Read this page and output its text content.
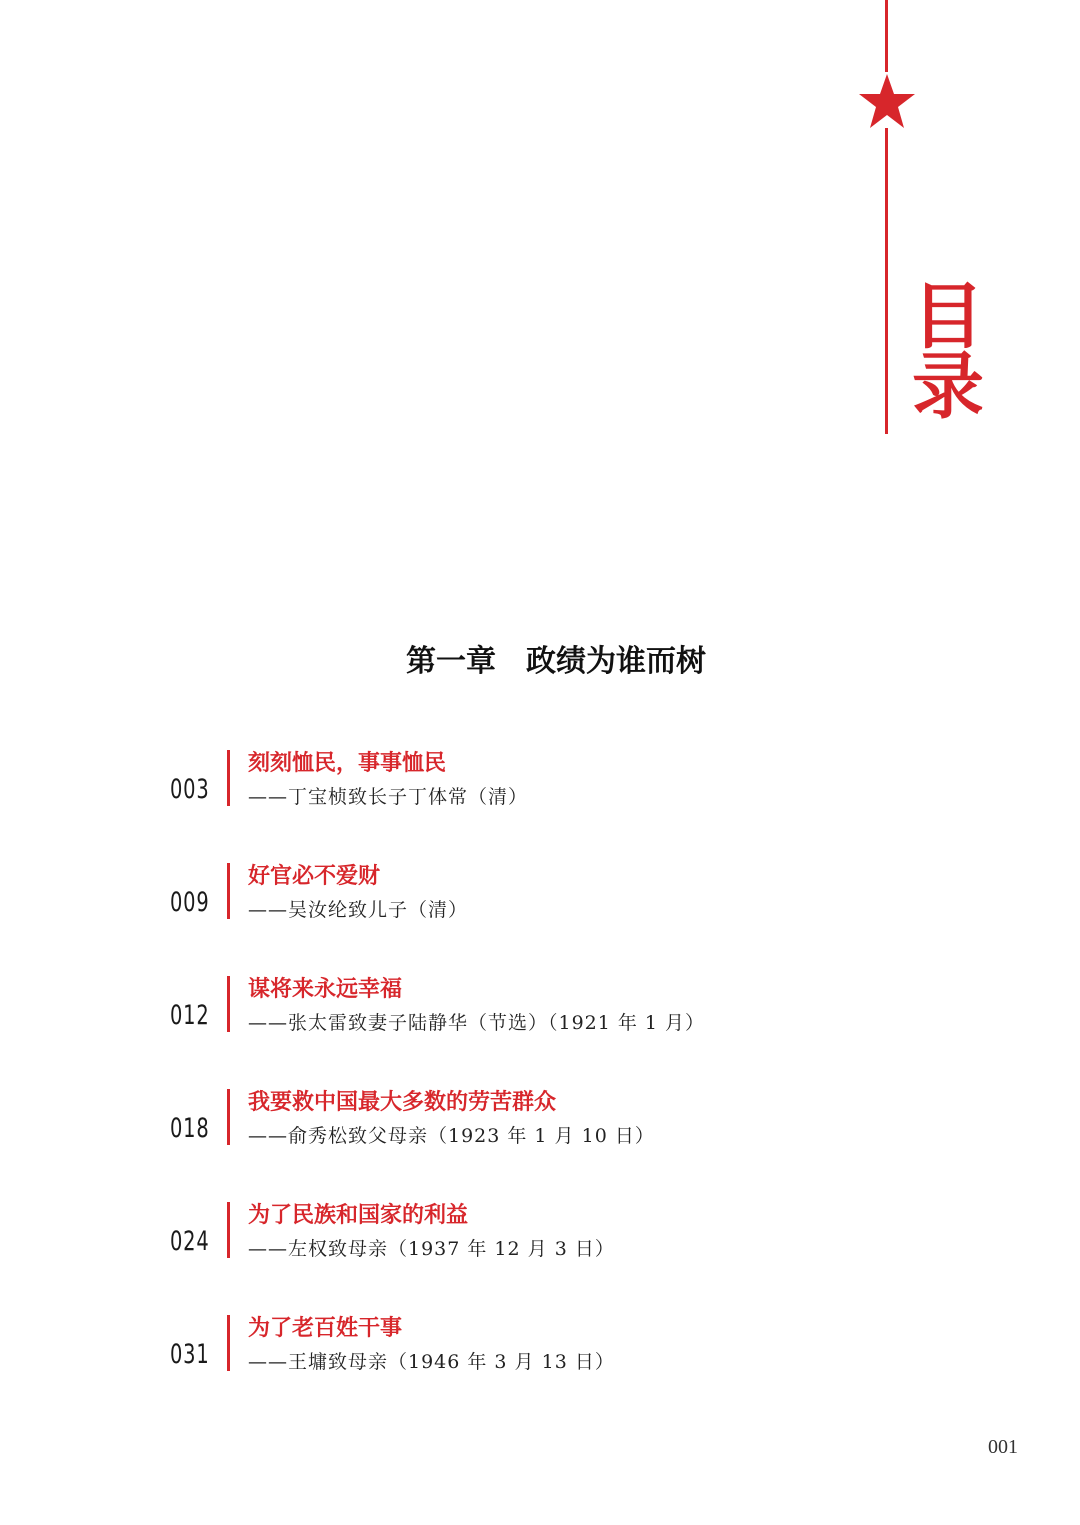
目录
第一章　政绩为谁而树
003
刻刻恤民，事事恤民
——丁宝桢致长子丁体常（清）
009
好官必不爱财
——吴汝纶致儿子（清）
012
谋将来永远幸福
——张太雷致妻子陆静华（节选）（1921 年 1 月）
018
我要救中国最大多数的劳苦群众
——俞秀松致父母亲（1923 年 1 月 10 日）
024
为了民族和国家的利益
——左权致母亲（1937 年 12 月 3 日）
031
为了老百姓干事
——王墉致母亲（1946 年 3 月 13 日）
001
